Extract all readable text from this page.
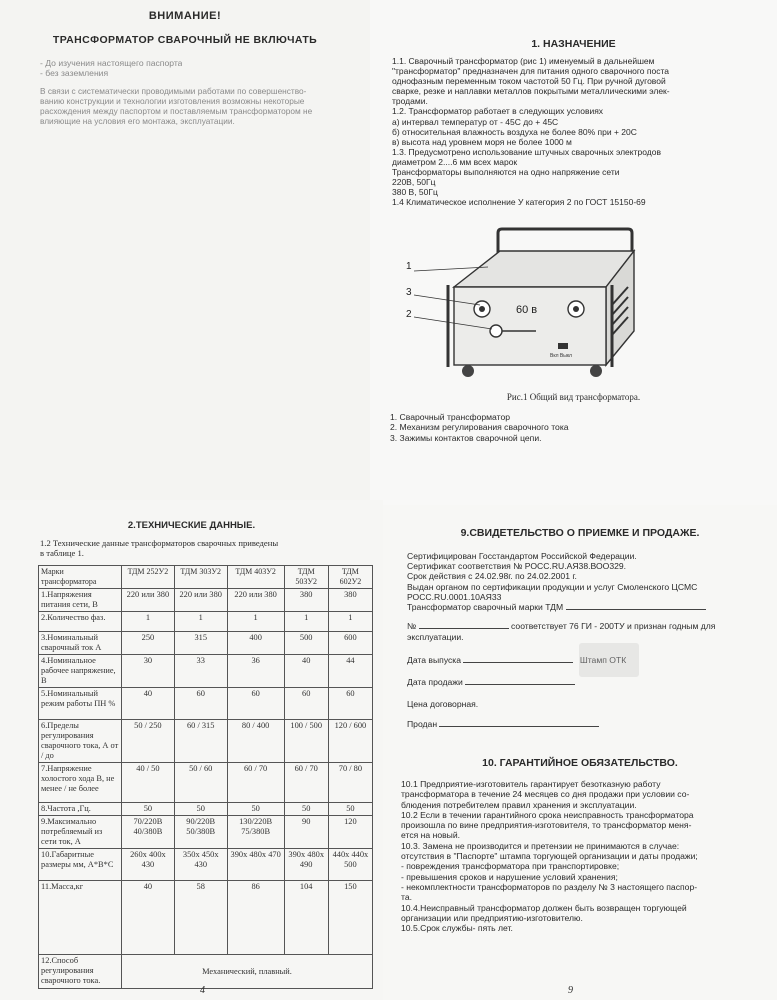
ВНИМАНИЕ!
ТРАНСФОРМАТОР СВАРОЧНЫЙ НЕ ВКЛЮЧАТЬ
- До изучения настоящего паспорта
- без заземления
В связи с систематически проводимыми работами по совершенство-
ванию конструкции и технологии изготовления возможны некоторые
расхождения между паспортом и поставляемым трансформатором не
влияющие на условия его монтажа, эксплуатации.
1. НАЗНАЧЕНИЕ
1.1. Сварочный трансформатор (рис 1) именуемый в дальнейшем
"трансформатор" предназначен для питания одного сварочного поста
однофазным переменным током частотой 50 Гц. При ручной дуговой
сварке, резке и наплавки металлов покрытыми металлическими элек-
тродами.
1.2. Трансформатор работает в следующих условиях
а) интервал температур от - 45С до + 45С
б) относительная влажность воздуха не более 80% при + 20С
в) высота над уровнем моря не более 1000 м
1.3. Предусмотрено использование штучных сварочных электродов
диаметром 2....6 мм всех марок
Трансформаторы выполняются на одно напряжение сети
220В, 50Гц
380 В, 50Гц
1.4 Климатическое исполнение У категория 2 по ГОСТ 15150-69
60 в
Вкл Выкл
1
3
2
Рис.1 Общий вид трансформатора.
1. Сварочный трансформатор
2. Механизм регулирования сварочного тока
3. Зажимы контактов сварочной цепи.
2.ТЕХНИЧЕСКИЕ ДАННЫЕ.
1.2 Технические данные трансформаторов сварочных приведены
в таблице 1.
Марки трансформатора	ТДМ 252У2	ТДМ 303У2	ТДМ 403У2	ТДМ 503У2	ТДМ 602У2
1.Напряжения питания сети, В	220 или 380	220 или 380	220 или 380	380	380
2.Количество фаз.	1	1	1	1	1
3.Номинальный сварочный ток А	250	315	400	500	600
4.Номинальное рабочее напряжение, В	30	33	36	40	44
5.Номинальный режим работы ПН %	40	60	60	60	60
6.Пределы регулирования сварочного тока, А от / до	50 / 250	60 / 315	80 / 400	100 / 500	120 / 600
7.Напряжение холостого хода В, не менее / не более	40 / 50	50 / 60	60 / 70	60 / 70	70 / 80
8.Частота ,Гц.	50	50	50	50	50
9.Максимально потребляемый из сети ток, А	70/220В 40/380В	90/220В 50/380В	130/220В 75/380В	90	120
10.Габаритные размеры мм, А*В*С	260х 400х 430	350х 450х 430	390х 480х 470	390х 480х 490	440х 440х 500
11.Масса,кг	40	58	86	104	150
12.Способ регулирования сварочного тока.	Механический, плавный.				
4
9.СВИДЕТЕЛЬСТВО О ПРИЕМКЕ И ПРОДАЖЕ.
Сертифицирован Госстандартом Российской Федерации.
Сертификат соответствия № РОСС.RU.АЯ38.ВОО329.
Срок действия с 24.02.98г. по 24.02.2001 г.
Выдан органом по сертификации продукции и услуг Смоленского ЦСМС
РОСС.RU.0001.10АЯ33
Трансформатор сварочный марки ТДМ
№	соответствует 76 ГИ - 200ТУ и признан годным для
эксплуатации.
Дата выпуска	Штамп ОТК
Дата продажи
Цена договорная.
Продан
10. ГАРАНТИЙНОЕ ОБЯЗАТЕЛЬСТВО.
10.1 Предприятие-изготовитель гарантирует безотказную работу
трансформатора в течение 24 месяцев со дня продажи при условии со-
блюдения потребителем правил хранения и эксплуатации.
10.2 Если в течении гарантийного срока неисправность трансформатора
произошла по вине предприятия-изготовителя, то трансформатор меня-
ется на новый.
10.3. Замена не производится и претензии не принимаются в случае:
отсутствия в "Паспорте" штампа торгующей организации и даты продажи;
- повреждения трансформатора при транспортировке;
- превышения сроков и нарушение условий хранения;
- некомплектности трансформаторов по разделу № 3 настоящего паспор-
та.
10.4.Неисправный трансформатор должен быть возвращен торгующей
организации или предприятию-изготовителю.
10.5.Срок службы- пять лет.
9
